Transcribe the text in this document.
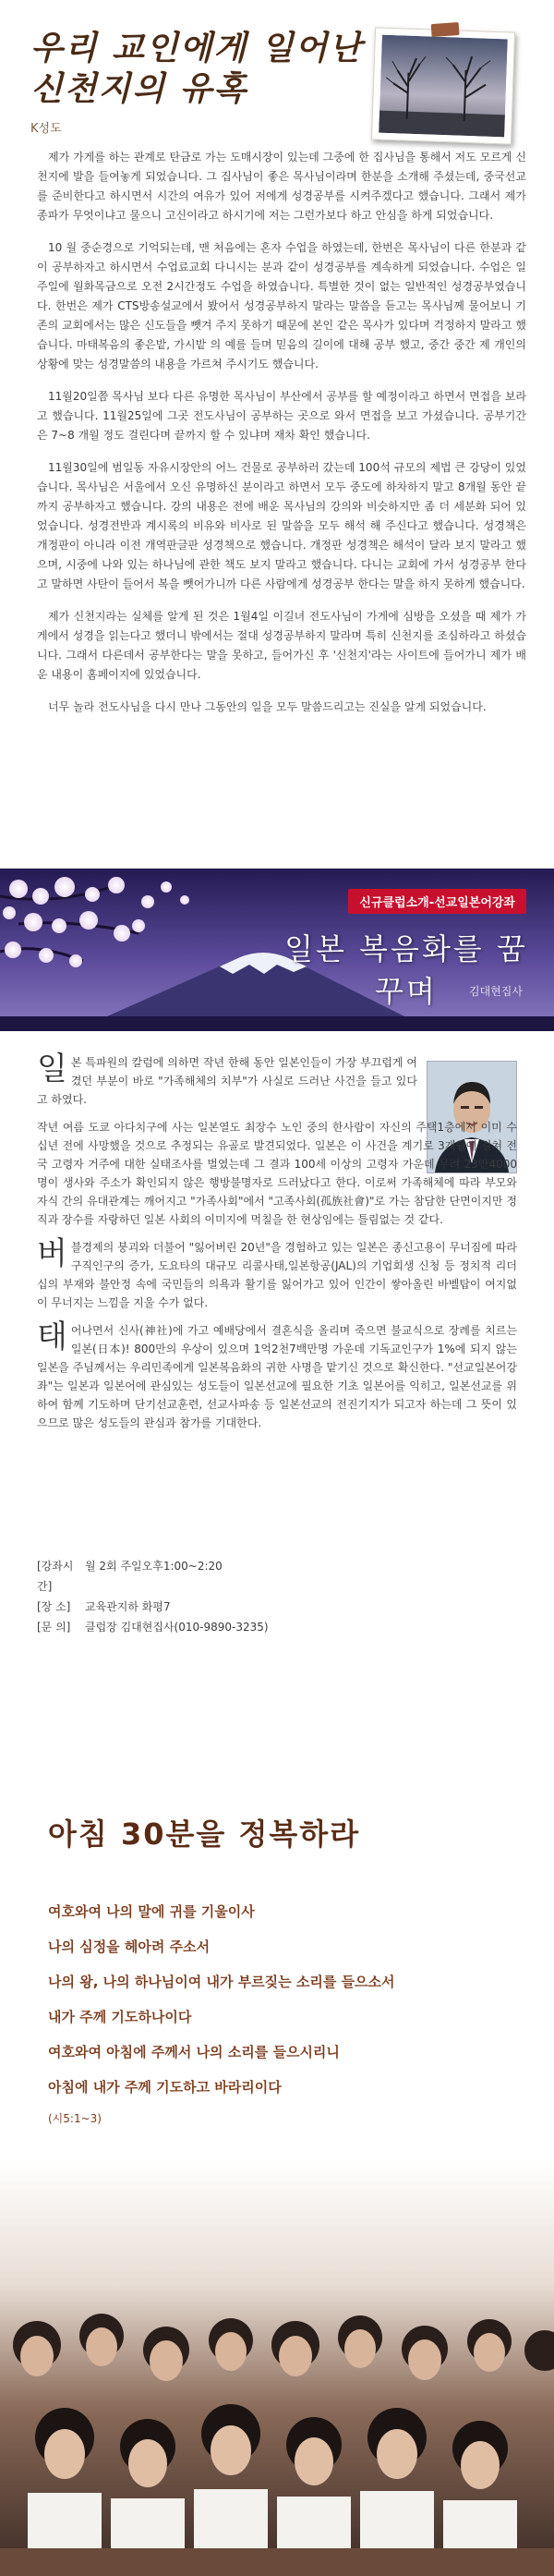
우리 교인에게 일어난
신천지의 유혹
K성도

제가 가게를 하는 관계로 탄금로 가는 도매시장이 있는데 그중에 한 집사님을 통해서 저도 모르게 신천지에 발을 들여놓게 되었습니다. 그 집사님이 좋은 목사님이라며 한분을 소개해 주셨는데, 중국선교를 준비한다고 하시면서 시간의 여유가 있어 저에게 성경공부를 시켜주겠다고 했습니다. 그래서 제가 종파가 무엇이냐고 물으니 고신이라고 하시기에 저는 그런가보다 하고 안심을 하게 되었습니다.

10 월 중순경으로 기억되는데, 맨 처음에는 혼자 수업을 하였는데, 한번은 목사님이 다른 한분과 같이 공부하자고 하시면서 수업료교회 다니시는 분과 같이 성경공부를 계속하게 되었습니다. 수업은 일주일에 월화목금으로 오전 2시간정도 수업을 하였습니다. 특별한 것이 없는 일반적인 성경공부였습니다. 한번은 제가 CTS방송설교에서 봤어서 성경공부하지 말라는 말씀을 듣고는 목사님께 물어보니 기존의 교회에서는 많은 신도들을 뺏겨 주지 못하기 때문에 본인 같은 목사가 있다며 걱정하지 말라고 했습니다. 마태복음의 좋은밭, 가시밭 의 예를 들며 믿음의 길이에 대해 공부 했고, 중간 중간 제 개인의 상황에 맞는 성경말씀의 내용을 가르쳐 주시기도 했습니다.

11월20일쯤 목사님 보다 다른 유명한 목사님이 부산에서 공부를 할 예정이라고 하면서 면접을 보라고 했습니다. 11월25일에 그곳 전도사님이 공부하는 곳으로 와서 면접을 보고 가셨습니다. 공부기간은 7~8 개월 정도 걸린다며 끝까지 할 수 있냐며 재차 확인 했습니다.

11월30일에 범일동 자유시장안의 어느 건물로 공부하러 갔는데 100석 규모의 제법 큰 강당이 있었습니다. 목사님은 서울에서 오신 유명하신 분이라고 하면서 모두 중도에 하차하지 말고 8개월 동안 끝까지 공부하자고 했습니다. 강의 내용은 전에 배운 목사님의 강의와 비슷하지만 좀 더 세분화 되어 있었습니다. 성경전반과 계시록의 비유와 비사로 된 말씀을 모두 해석 해 주신다고 했습니다. 성경책은 개정판이 아니라 이전 개역판글판 성경책으로 했습니다. 개정판 성경책은 해석이 달라 보지 말라고 했으며, 시중에 나와 있는 하나님에 관한 책도 보지 말라고 했습니다. 다니는 교회에 가서 성경공부 한다고 말하면 사탄이 들어서 복을 뺏어가니까 다른 사람에게 성경공부 한다는 말을 하지 못하게 했습니다.

제가 신천지라는 실체를 알게 된 것은 1월4일 이길녀 전도사님이 가게에 심방을 오셨을 때 제가 가게에서 성경을 읽는다고 했더니 밖에서는 절대 성경공부하지 말라며 특히 신천지를 조심하라고 하셨습니다. 그래서 다른데서 공부한다는 말을 못하고, 들어가신 후 '신천지'라는 사이트에 들어가니 제가 배운 내용이 홈페이지에 있었습니다.

너무 놀라 전도사님을 다시 만나 그동안의 일을 모두 말씀드리고는 진실을 알게 되었습니다.

신규클럽소개-선교일본어강좌
일본 복음화를 꿈꾸며	김대현집사
일본 특파원의 칼럼에 의하면 작년 한해 동안 일본인들이 가장 부끄럽게 여겼던 부분이 바로 "가족해체의 치부"가 사실로 드러난 사건을 들고 있다고 하였다.
작년 여름 도쿄 아다치구에 사는 일본열도 최장수 노인 중의 한사람이 자신의 주택1층에서 이미 수십년 전에 사망했을 것으로 추정되는 유골로 발견되었다. 일본은 이 사건을 계기로 3개월에 걸쳐 전국 고령자 거주에 대한 실태조사를 벌였는데 그 결과 100세 이상의 고령자 가운데 무려 23만4000명이 생사와 주소가 확인되지 않은 행방불명자로 드러났다고 한다. 이로써 가족해체에 따라 부모와 자식 간의 유대관계는 깨어지고 "가족사회"에서 "고족사회(孤族社會)"로 가는 참담한 단면이지만 정직과 장수를 자랑하던 일본 사회의 이미지에 먹칠을 한 현상임에는 틀림없는 것 같다.
버블경제의 붕괴와 더불어 "잃어버린 20년"을 경험하고 있는 일본은 종신고용이 무너짐에 따라 구직인구의 증가, 도요타의 대규모 리콜사태,일본항공(JAL)의 기업회생 신청 등 정치적 리더십의 부재와 불안정 속에 국민들의 의욕과 활기를 잃어가고 있어 인간이 쌓아올린 바벨탑이 여지없이 무너지는 느낌을 지울 수가 없다.
태어나면서 신사(神社)에 가고 예배당에서 결혼식을 올리며 죽으면 불교식으로 장례를 치르는 일본(日本)! 800만의 우상이 있으며 1억2천7백만명 가운데 기독교인구가 1%에 되지 않는 일본을 주님께서는 우리민족에게 일본복음화의 귀한 사명을 맡기신 것으로 확신한다. "선교일본어강좌"는 일본과 일본어에 관심있는 성도들이 일본선교에 필요한 기초 일본어를 익히고, 일본선교를 위하여 함께 기도하며 단기선교훈련, 선교사파송 등 일본선교의 전진기지가 되고자 하는데 그 뜻이 있으므로 많은 성도들의 관심과 참가를 기대한다.
[강좌시간]
월 2회 주일오후1:00~2:20
[장 소]	교육관지하 화평7
[문 의]	클럽장 김대현집사(010-9890-3235)
아침 30분을 정복하라
여호와여 나의 말에 귀를 기울이사
나의 심정을 헤아려 주소서
나의 왕, 나의 하나님이여 내가 부르짖는 소리를 들으소서
내가 주께 기도하나이다
여호와여 아침에 주께서 나의 소리를 들으시리니
아침에 내가 주께 기도하고 바라리이다
(시5:1~3)
